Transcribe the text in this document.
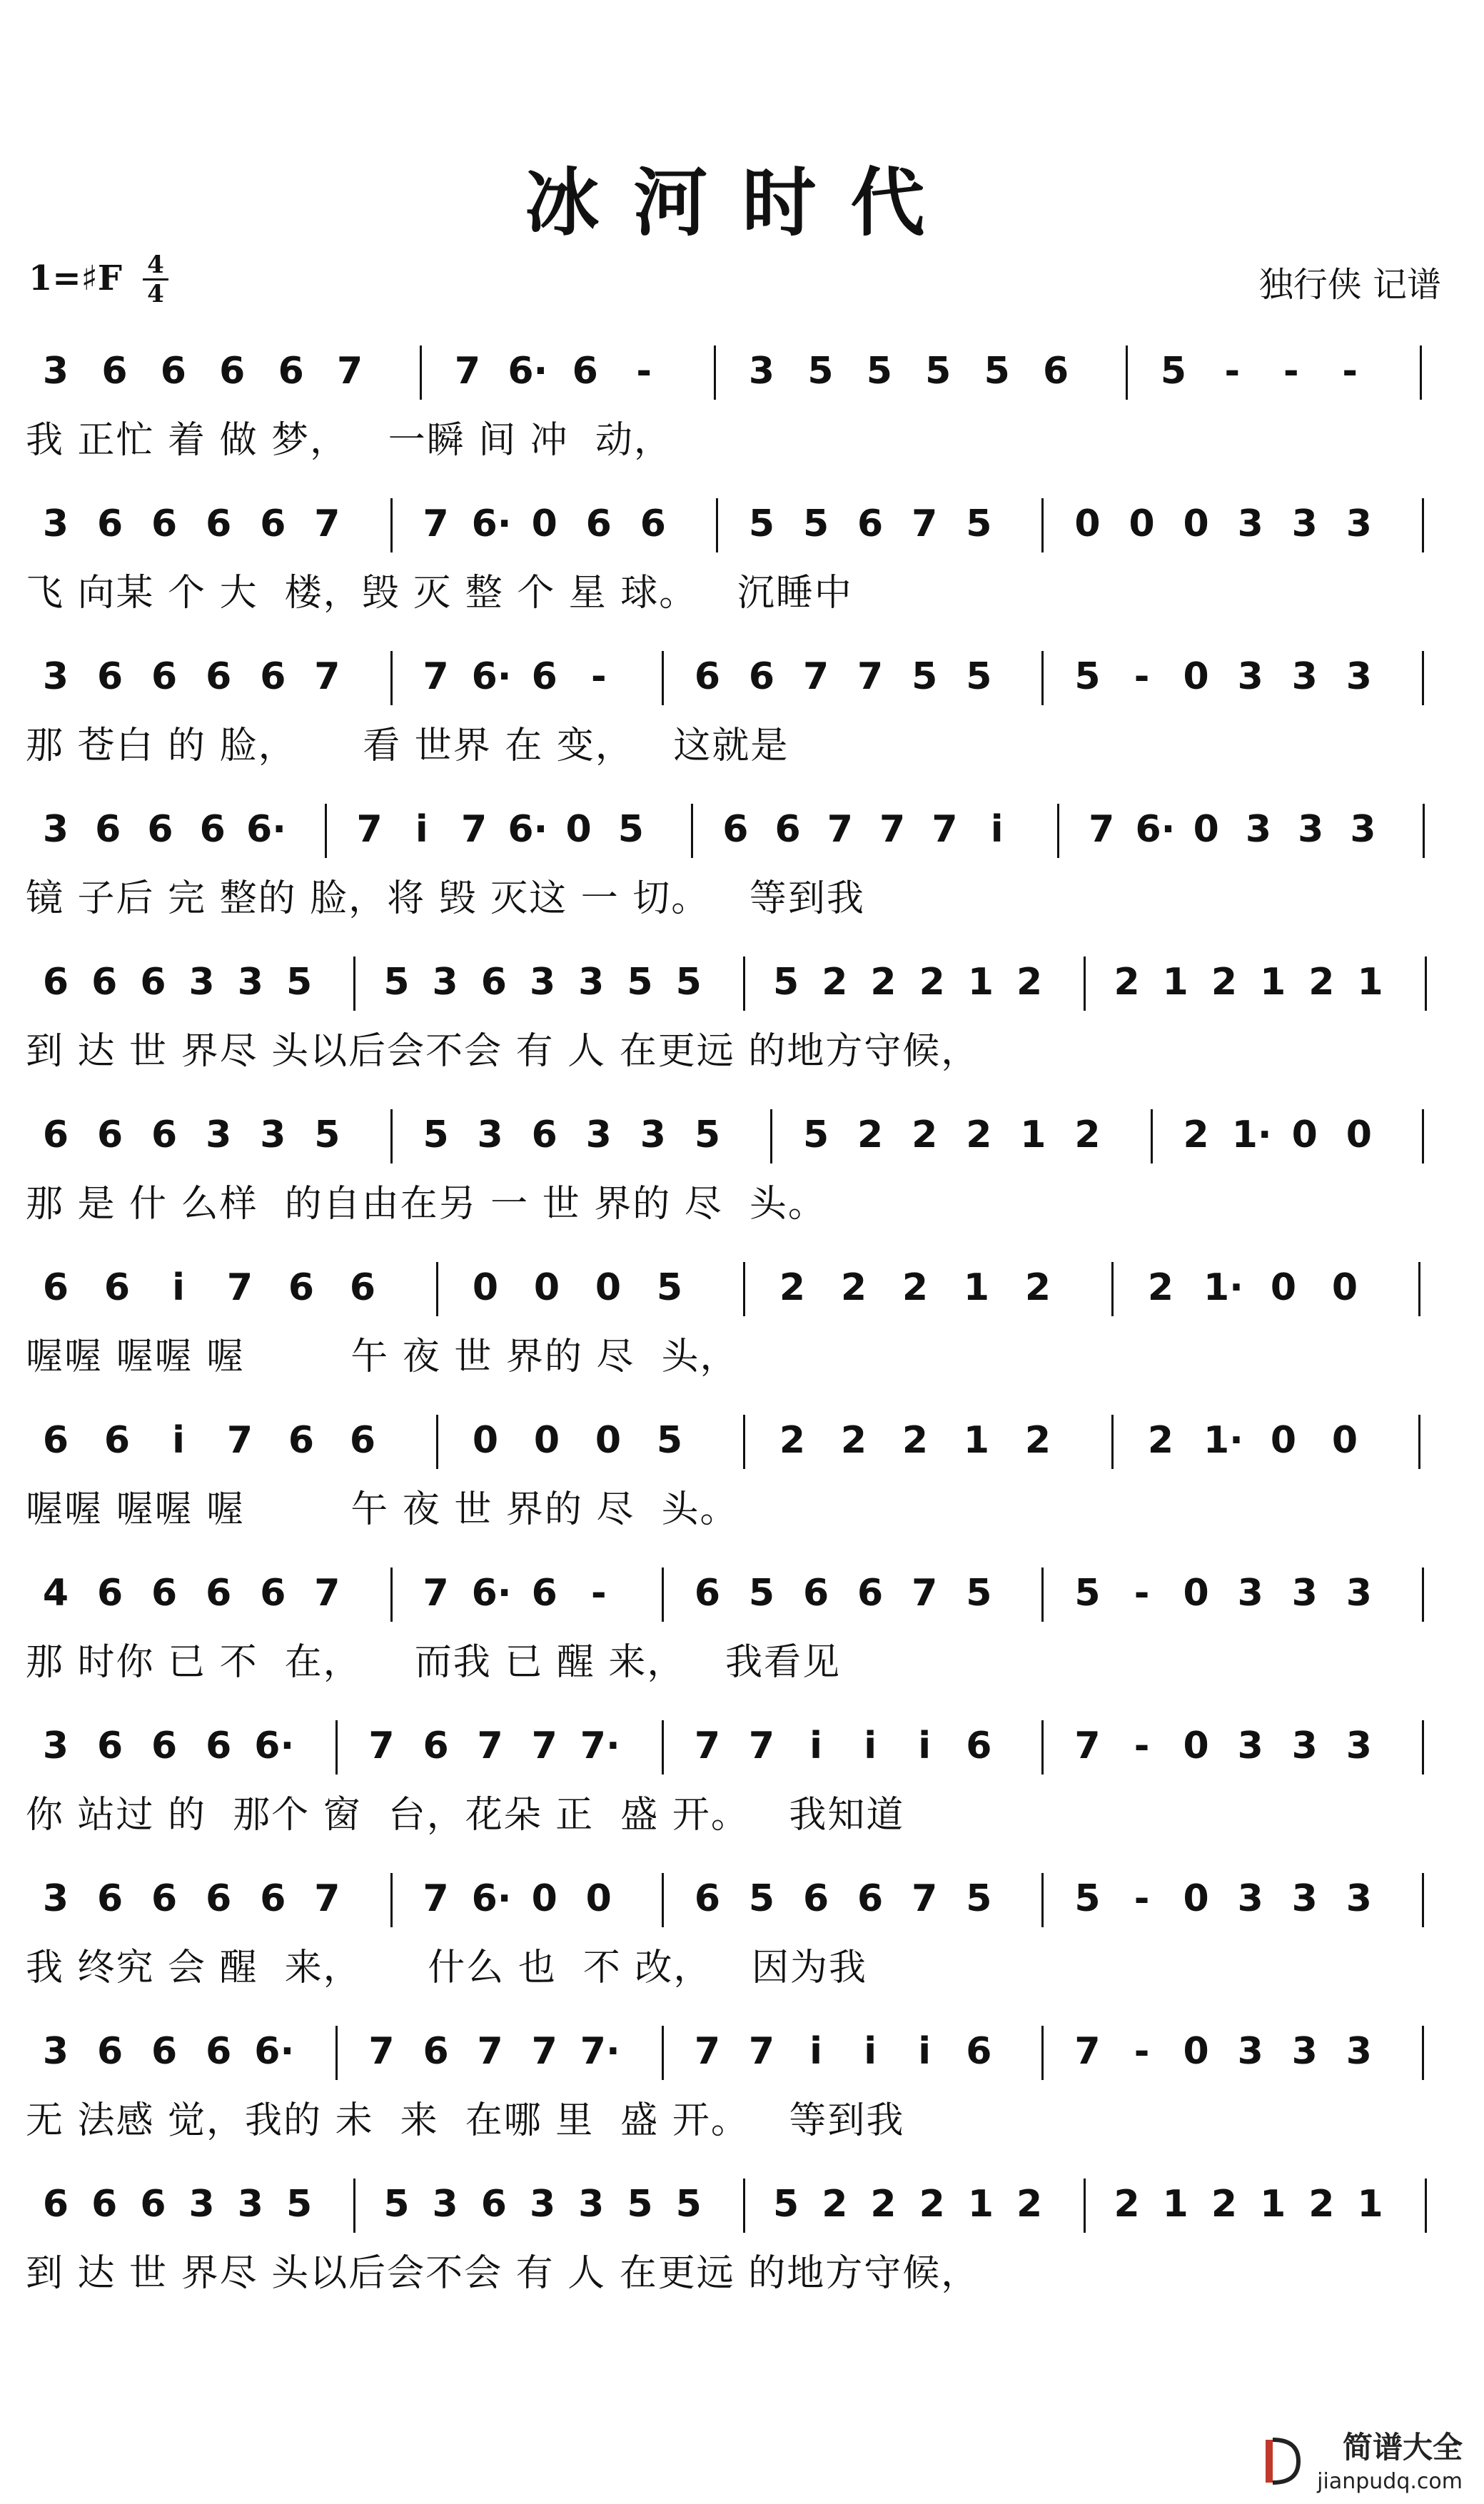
冰河时代
1=♯F 4
4	独行侠 记谱
3 6 6 6 6 7 7 6· 6 -	3 5 5 5 5 6 5 - - -
我 正忙 着 做 梦，   一瞬 间 冲  动，
3 6 6 6 6 7 7 6· 0 6 6 5 5 6 7 5 0 0 0 3 3 3
飞 向某 个 大  楼，毁 灭 整 个 星 球。   沉睡中
3 6 6 6 6 7 7 6· 6 - 6 6 7 7 5 5 5 - 0 3 3 3
那 苍白 的 脸，     看 世界 在 变，   这就是
3 6 6 6 6· 7 i 7 6· 0 5 6 6 7 7 7 i	7 6· 0 3 3 3
镜 子后 完 整的 脸，将 毁 灭这 一 切。   等到我
6 6 6 3 3 5 5 3 6 3 3 5 5 5 2 2 2 1 2 2 1 2 1 2 1
到 达 世 界尽 头以后会不会 有 人 在更远 的地方守候，
6 6 6 3 3 5 5 3 6 3 3 5 5 2 2 2 1 2 2 1· 0 0
那 是 什 么样  的自由在另 一 世 界的 尽  头。
6 6	i	7 6 6	0 0 0 5	2 2 2 1 2	2 1· 0 0
喔喔 喔喔 喔        午 夜 世 界的 尽  头，
6 6	i	7 6 6	0 0 0 5	2 2 2 1 2	2 1· 0 0
喔喔 喔喔 喔        午 夜 世 界的 尽  头。
4 6 6 6 6 7 7 6· 6 - 6 5 6 6 7 5 5 - 0 3 3 3
那 时你 已 不  在，    而我 已 醒 来，   我看见
3 6 6 6 6· 7 6 7 7 7· 7 7 i	i	i 6 7 - 0 3 3 3
你 站过 的  那个 窗  台，花朵 正  盛 开。   我知道
3 6 6 6 6 7 7 6· 0 0 6 5 6 6 7 5 5 - 0 3 3 3
我 终究 会 醒  来，     什么 也  不 改，   因为我
3 6 6 6 6· 7 6 7 7 7· 7 7 i	i	i 6 7 - 0 3 3 3
无 法感 觉，我的 未  来  在哪 里  盛 开。   等到我
6 6 6 3 3 5 5 3 6 3 3 5 5 5 2 2 2 1 2 2 1 2 1 2 1
到 达 世 界尽 头以后会不会 有 人 在更远 的地方守候，
简谱大全
jianpudq.com
